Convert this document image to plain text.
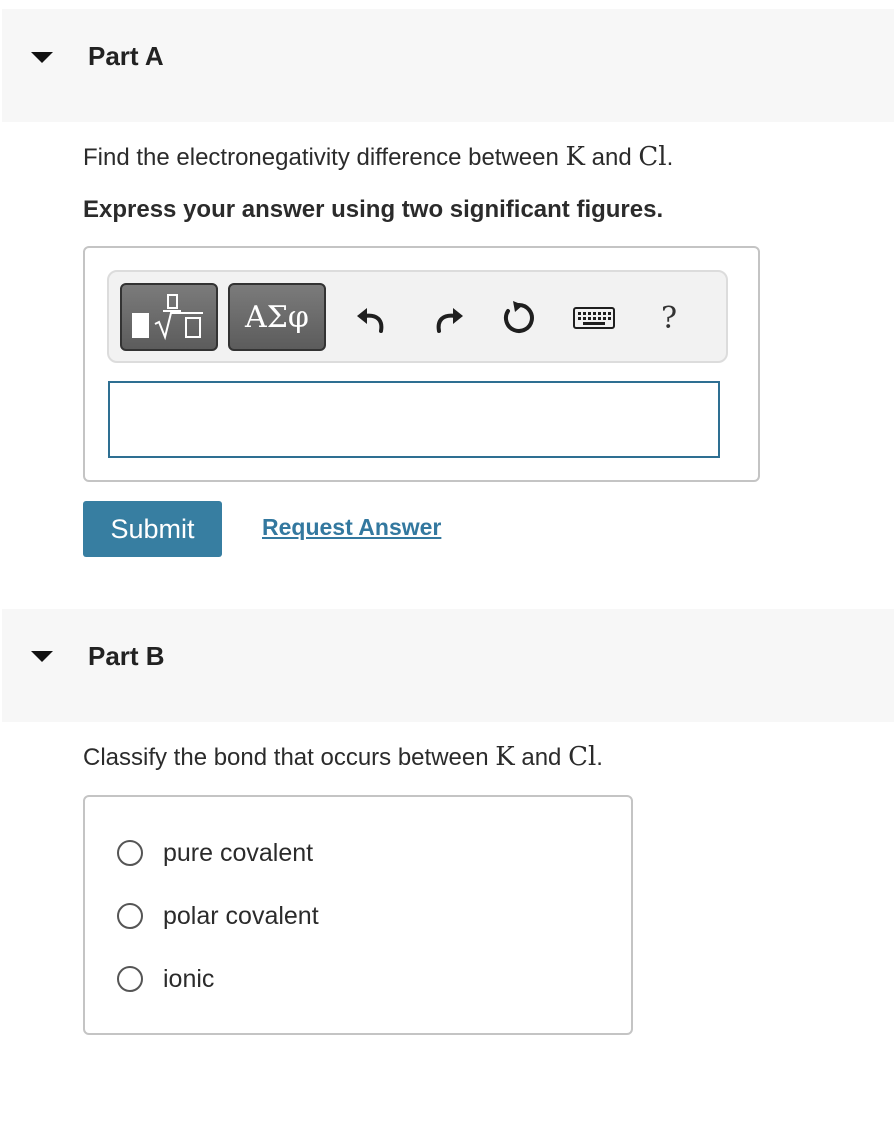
Part A
Find the electronegativity difference between K and Cl.
Express your answer using two significant figures.
ΑΣφ	?
Submit	Request Answer
Part B
Classify the bond that occurs between K and Cl.
pure covalent
polar covalent
ionic
